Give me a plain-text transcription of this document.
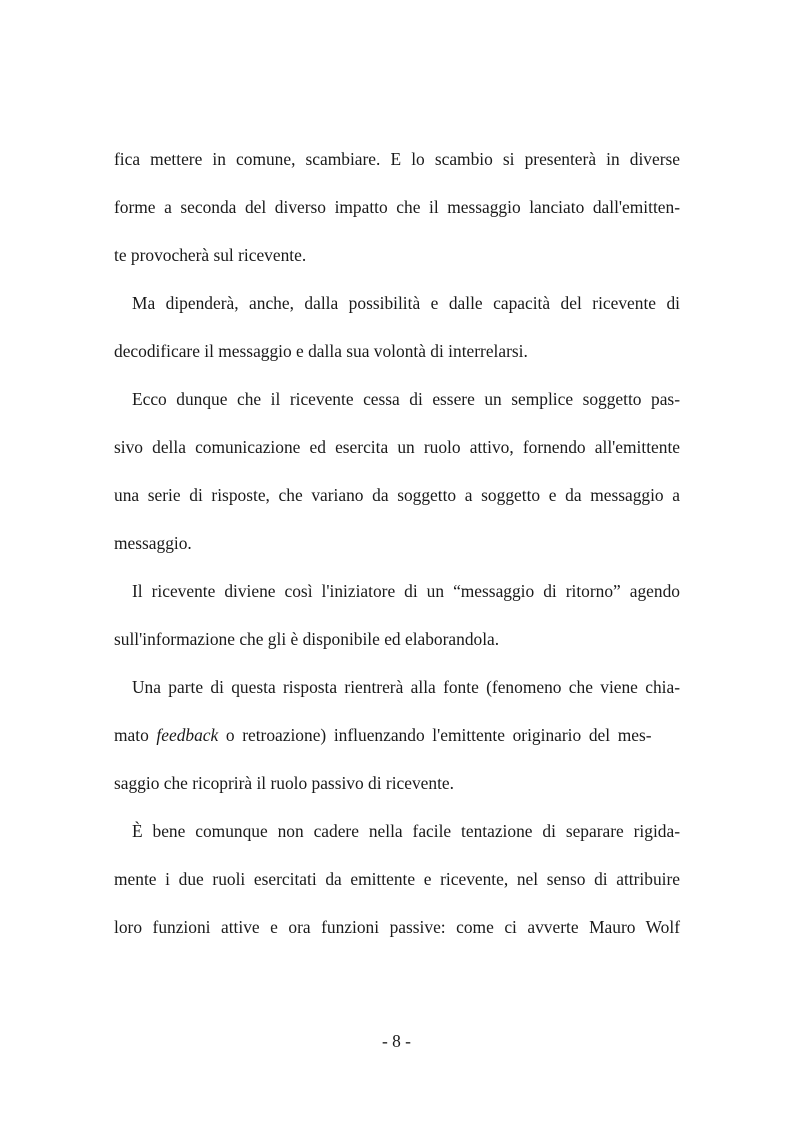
fica mettere in comune, scambiare. E lo scambio si presenterà in diverse

forme a seconda del diverso impatto che il messaggio lanciato dall'emitten-

te provocherà sul ricevente.

Ma dipenderà, anche, dalla possibilità e dalle capacità del ricevente di

decodificare il messaggio e dalla sua volontà di interrelarsi.

Ecco dunque che il ricevente cessa di essere un semplice soggetto pas-

sivo della comunicazione ed esercita un ruolo attivo, fornendo all'emittente

una serie di risposte, che variano da soggetto a soggetto e da messaggio a

messaggio.

Il ricevente diviene così l'iniziatore di un “messaggio di ritorno” agendo

sull'informazione che gli è disponibile ed elaborandola.

Una parte di questa risposta rientrerà alla fonte (fenomeno che viene chia-

mato feedback o retroazione) influenzando l'emittente originario del mes-

saggio che ricoprirà il ruolo passivo di ricevente.

È bene comunque non cadere nella facile tentazione di separare rigida-

mente i due ruoli esercitati da emittente e ricevente, nel senso di attribuire

loro funzioni attive e ora funzioni passive: come ci avverte Mauro Wolf

- 8 -
